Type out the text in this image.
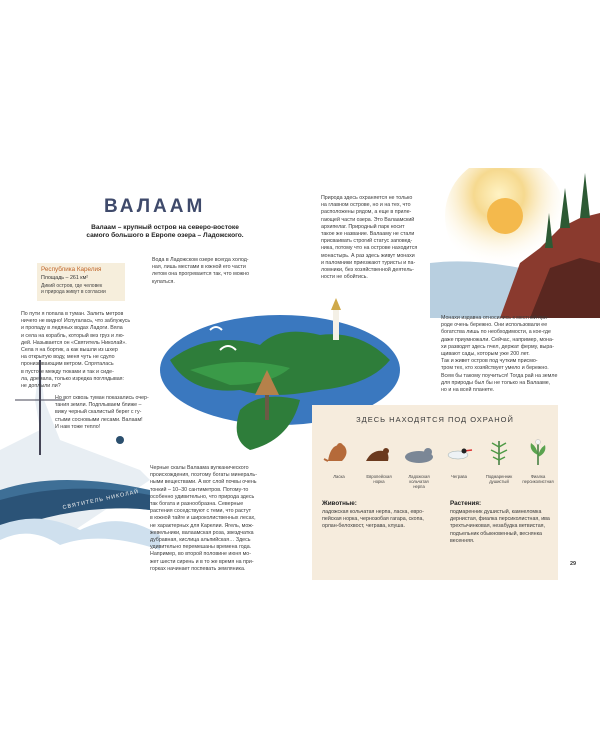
СВЯТИТЕЛЬ НИКОЛАЙ
ВАЛААМ
Валаам – крупный остров на северо-востоке
самого большого в Европе озера – Ладожского.
Республика Карелия
Площадь – 261 км²
Дикий остров, где человек
и природа живут в согласии
По пути я попала в туман. Залить метров
ничего не видно! Испугалась, что заблужусь
и пропаду в ледяных водах Ладоги. Вяла
и села на корабль, который вез груз и лю-
дей. Называется он «Святитель Николай».
Села я на бортик, а как вышли из шхер
на открытую воду, меня чуть не сдуло
пронизывающим ветром. Спряталась
в пустоте между тюками и так и сиде-
ла, дремала, только изредка поглядывая:
не доплыли ли?
Но вот сквозь туман показались очер-
тания земли. Подплываем ближе –
вижу черный скалистый берег с гу-
стыми сосновыми лесами. Валаам!
И нам тоже тепло!
Вода в Ладожском озере всегда холод-
ная, лишь местами в южной его части
летом она прогревается так, что можно
купаться.
Черные скалы Валаама вулканического
происхождения, поэтому богаты минераль-
ными веществами. А вот слой почвы очень
тонкий – 10–30 сантиметров. Потому-то
особенно удивительно, что природа здесь
так богата и разнообразна. Северные
растения соседствуют с теми, что растут
в южной тайге и широколиственных лесах,
не характерных для Карелии. Ягель, мож-
жевельники, валаамская роза, звездчатка
дубравная, кислица альпийская… Здесь
удивительно перемешаны времена года.
Например, во второй половине июня мо-
жет шести сирень и в то же время на при-
горках начинает поспевать земляника.
Природа здесь охраняется не только
на главном острове, но и на тех, что
расположены рядом, а еще в приле-
гающей части озера. Это Валаамский
архипелаг. Природный парк носит
такое же название. Валааму не стали
присваивать строгий статус заповед-
ника, потому что на острове находится
монастырь. А раз здесь живут монахи
и паломники приезжают туристы и па-
ломники, без хозяйственной деятель-
ности не обойтись.
Монахи издавна относились к местной при-
роде очень бережно. Они использовали ее
богатства лишь по необходимости, а кое-где
даже приумножали. Сейчас, например, мона-
хи разводят здесь пчел, держат ферму, выра-
щивают сады, которым уже 200 лет.
Так и живет остров под чутким присмо-
тром тех, кто хозяйствует умело и бережно.
Всем бы такому поучиться! Тогда рай на земле
для природы был бы не только на Валааме,
но и на всей планете.
ЗДЕСЬ НАХОДЯТСЯ ПОД ОХРАНОЙ
Ласка	Европейская
норка
Ладожская
кольчатая
нерпа
Чеграва	Подмаренник
душистый
Фиалка
персиколистная
Животные:
ладожская кольчатая нерпа, ласка, евро-
пейская норка, чернозобая гагара, скопа,
орлан-белохвост, чеграва, клуша.
Растения:
подмаренник душистый, камнеломка
дернистая, фиалка персиколистная, ива
трехтычинковая, незабудка ветвистая,
подъельник обыкновенный, веснянка
весенняя.
29
